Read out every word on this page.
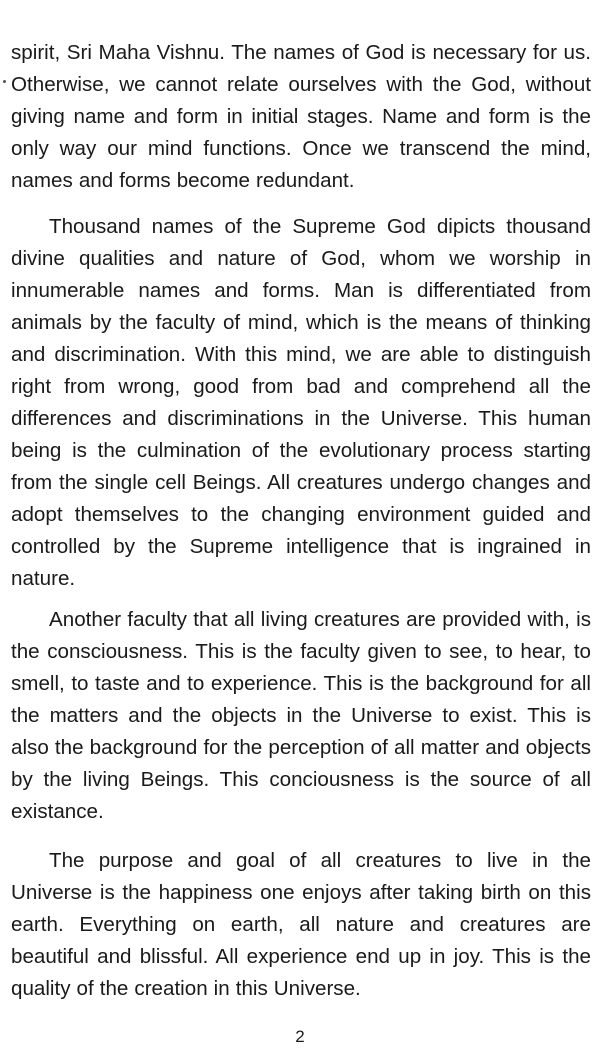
spirit, Sri Maha Vishnu. The names of God is necessary for us. Otherwise, we cannot relate ourselves with the God, without giving name and form in initial stages. Name and form is the only way our mind functions. Once we transcend the mind, names and forms become redundant.

Thousand names of the Supreme God dipicts thousand divine qualities and nature of God, whom we worship in innumerable names and forms. Man is differentiated from animals by the faculty of mind, which is the means of thinking and discrimination. With this mind, we are able to distinguish right from wrong, good from bad and comprehend all the differences and discriminations in the Universe. This human being is the culmination of the evolutionary process starting from the single cell Beings. All creatures undergo changes and adopt themselves to the changing environment guided and controlled by the Supreme intelligence that is ingrained in nature.

Another faculty that all living creatures are provided with, is the consciousness. This is the faculty given to see, to hear, to smell, to taste and to experience. This is the background for all the matters and the objects in the Universe to exist. This is also the background for the perception of all matter and objects by the living Beings. This conciousness is the source of all existance.

The purpose and goal of all creatures to live in the Universe is the happiness one enjoys after taking birth on this earth. Everything on earth, all nature and creatures are beautiful and blissful. All experience end up in joy. This is the quality of the creation in this Universe.

2
